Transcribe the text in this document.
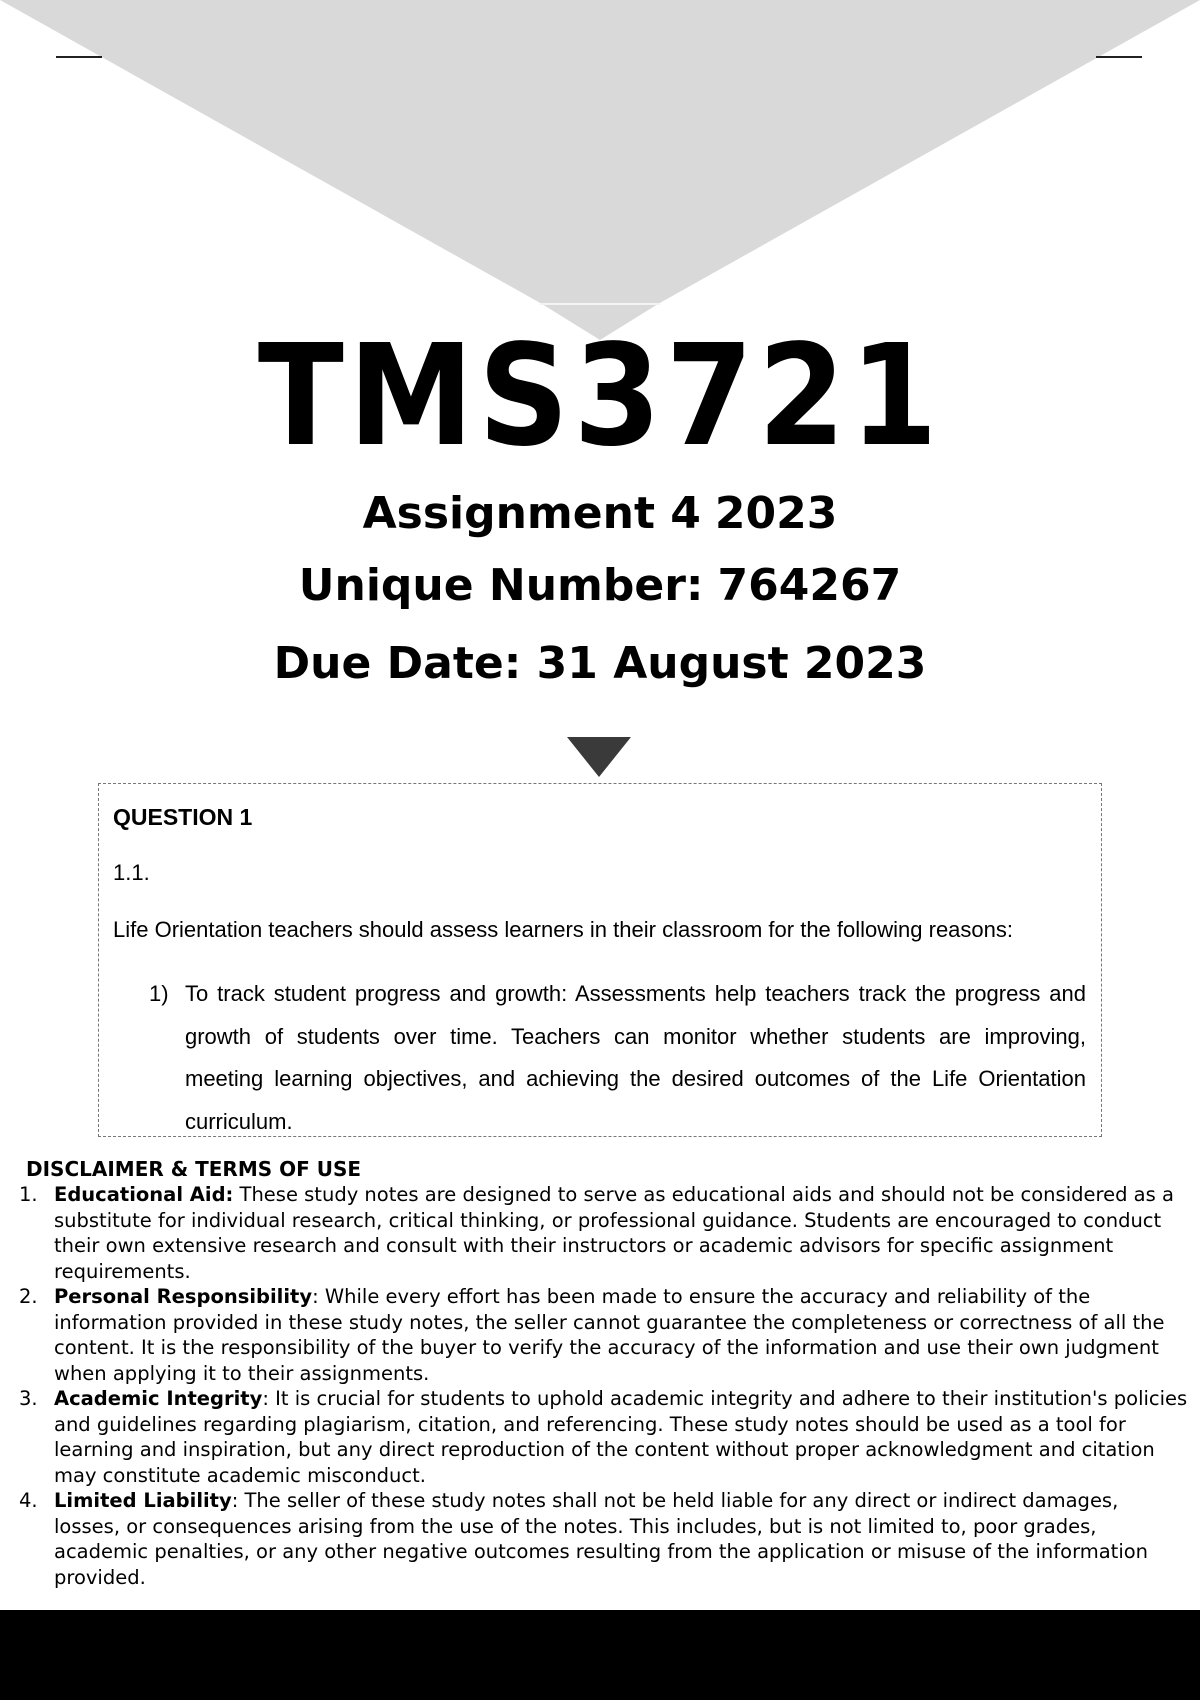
TMS3721
Assignment 4 2023
Unique Number: 764267
Due Date: 31 August 2023
QUESTION 1
1.1.
Life Orientation teachers should assess learners in their classroom for the following reasons:
1) To track student progress and growth: Assessments help teachers track the progress and growth of students over time. Teachers can monitor whether students are improving, meeting learning objectives, and achieving the desired outcomes of the Life Orientation curriculum.
DISCLAIMER & TERMS OF USE
1. Educational Aid: These study notes are designed to serve as educational aids and should not be considered as a substitute for individual research, critical thinking, or professional guidance. Students are encouraged to conduct their own extensive research and consult with their instructors or academic advisors for specific assignment requirements.
2. Personal Responsibility: While every effort has been made to ensure the accuracy and reliability of the information provided in these study notes, the seller cannot guarantee the completeness or correctness of all the content. It is the responsibility of the buyer to verify the accuracy of the information and use their own judgment when applying it to their assignments.
3. Academic Integrity: It is crucial for students to uphold academic integrity and adhere to their institution's policies and guidelines regarding plagiarism, citation, and referencing. These study notes should be used as a tool for learning and inspiration, but any direct reproduction of the content without proper acknowledgment and citation may constitute academic misconduct.
4. Limited Liability: The seller of these study notes shall not be held liable for any direct or indirect damages, losses, or consequences arising from the use of the notes. This includes, but is not limited to, poor grades, academic penalties, or any other negative outcomes resulting from the application or misuse of the information provided.
